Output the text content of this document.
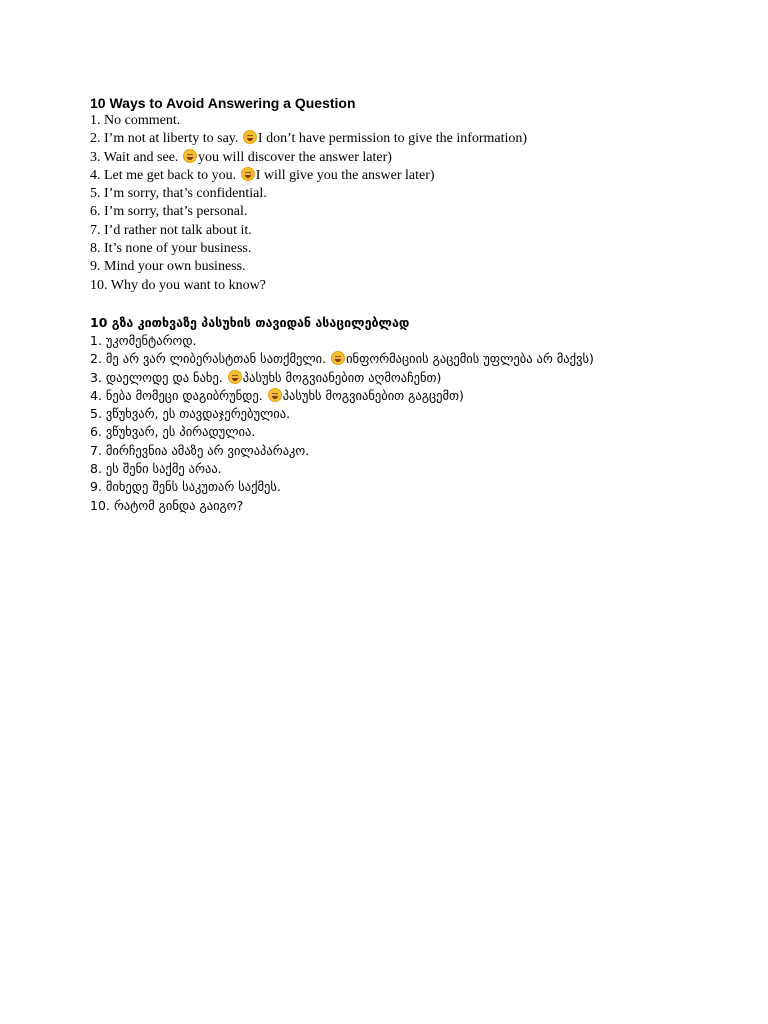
10 Ways to Avoid Answering a Question
1. No comment.
2. I’m not at liberty to say.
I don’t have permission to give the information)
3. Wait and see.
you will discover the answer later)
4. Let me get back to you.
I will give you the answer later)
5. I’m sorry, that’s confidential.
6. I’m sorry, that’s personal.
7. I’d rather not talk about it.
8. It’s none of your business.
9. Mind your own business.
10. Why do you want to know?
10 გზა კითხვაზე პასუხის თავიდან ასაცილებლად
1. უკომენტაროდ.
2. მე არ ვარ ლიბერასტთან სათქმელი.
ინფორმაციის გაცემის უფლება არ მაქვს)
3. დაელოდე და ნახე.
პასუხს მოგვიანებით აღმოაჩენთ)
4. ნება მომეცი დაგიბრუნდე.
პასუხს მოგვიანებით გაგცემთ)
5. ვწუხვარ, ეს თავდაჯერებულია.
6. ვწუხვარ, ეს პირადულია.
7. მირჩევნია ამაზე არ ვილაპარაკო.
8. ეს შენი საქმე არაა.
9. მიხედე შენს საკუთარ საქმეს.
10. რატომ გინდა გაიგო?
